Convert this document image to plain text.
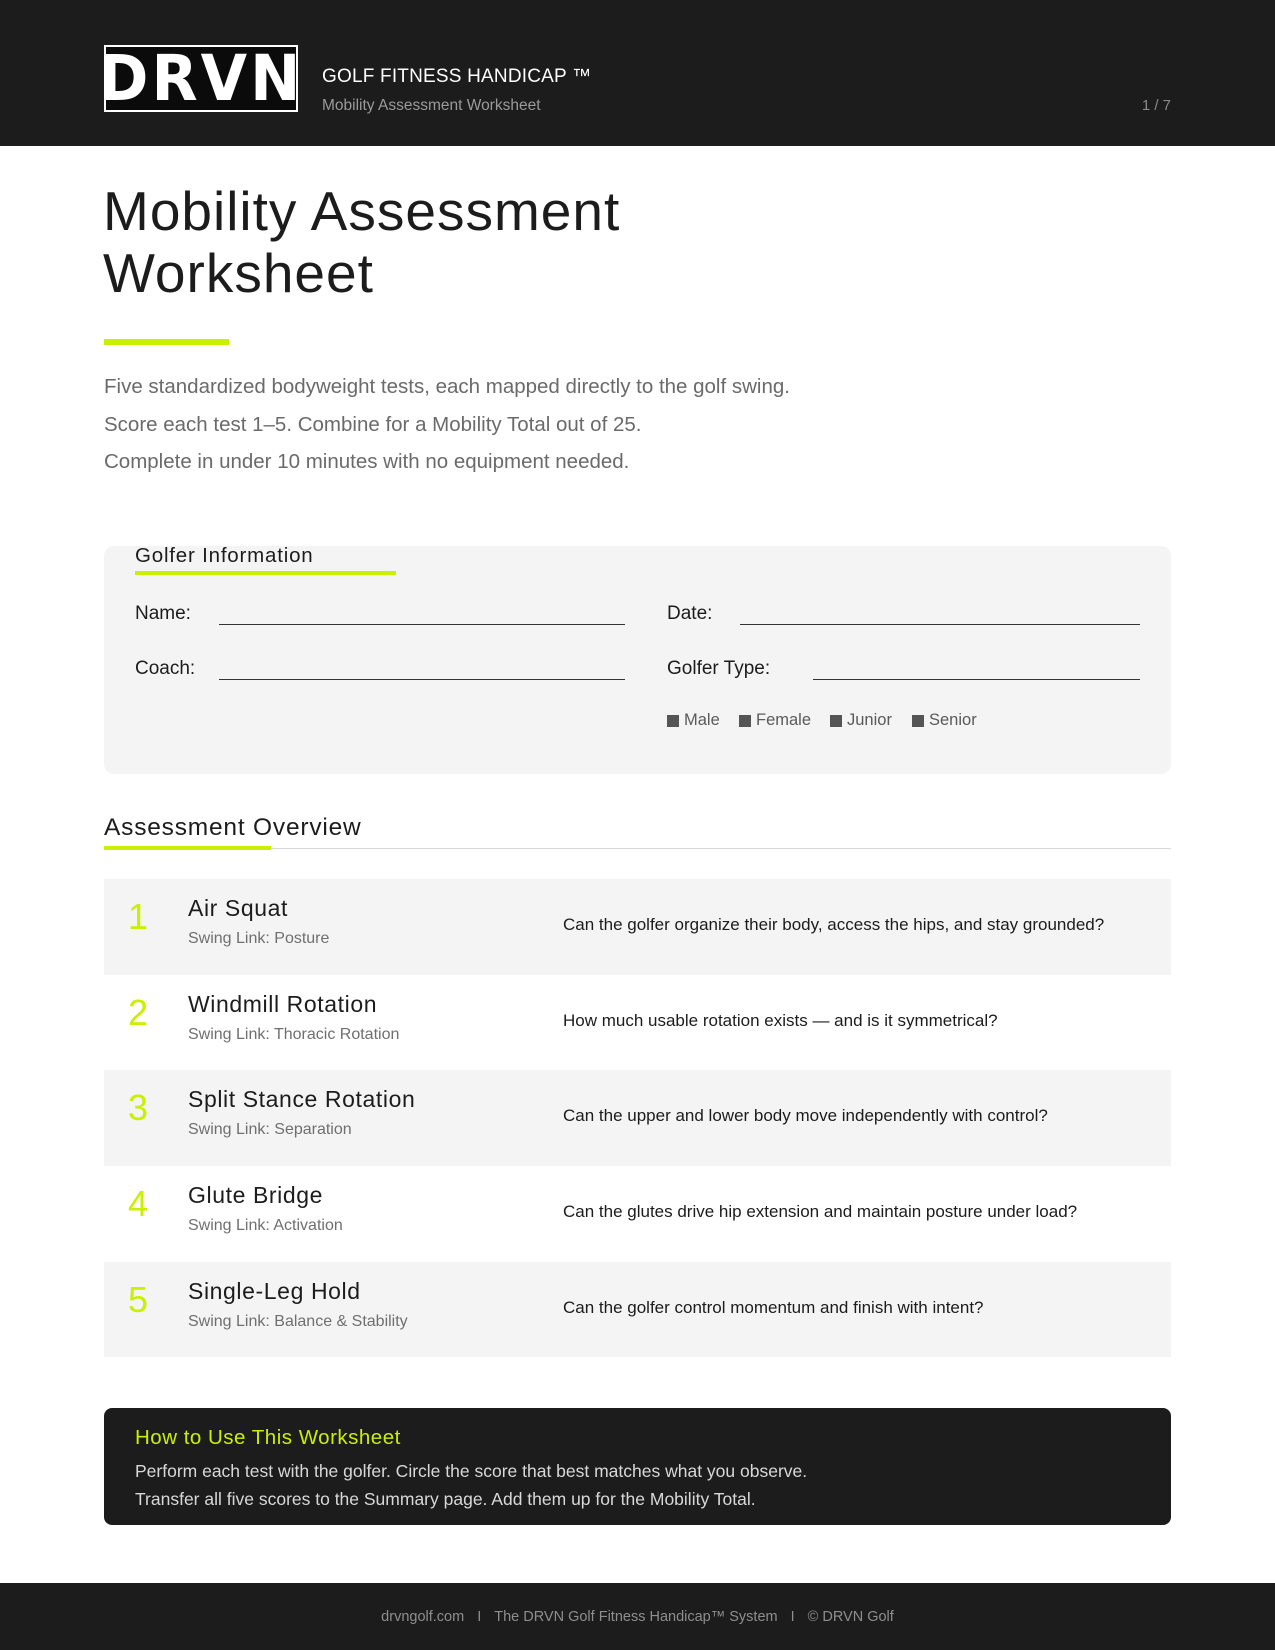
DRVN GOLF FITNESS HANDICAP ™
Mobility Assessment Worksheet	1 / 7
Mobility Assessment
Worksheet

Five standardized bodyweight tests, each mapped directly to the golf swing.

Score each test 1–5. Combine for a Mobility Total out of 25.

Complete in under 10 minutes with no equipment needed.

Golfer Information
Name:	Date:
Coach:	Golfer Type:
Male Female Junior Senior
Assessment Overview
1 Air Squat
Swing Link: Posture
Can the golfer organize their body, access the hips, and stay grounded?
2 Windmill Rotation
Swing Link: Thoracic Rotation
How much usable rotation exists — and is it symmetrical?
3 Split Stance Rotation
Swing Link: Separation
Can the upper and lower body move independently with control?
4 Glute Bridge
Swing Link: Activation
Can the glutes drive hip extension and maintain posture under load?
5 Single-Leg Hold
Swing Link: Balance & Stability
Can the golfer control momentum and finish with intent?
How to Use This Worksheet
Perform each test with the golfer. Circle the score that best matches what you observe.
Transfer all five scores to the Summary page. Add them up for the Mobility Total.
drvngolf.com I The DRVN Golf Fitness Handicap™ System I © DRVN Golf
